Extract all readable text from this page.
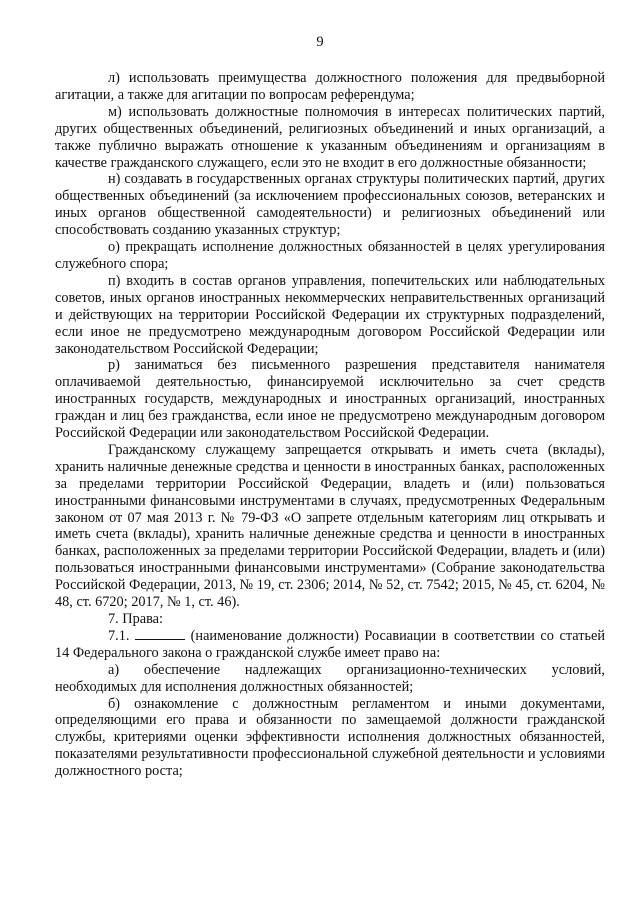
9

л) использовать преимущества должностного положения для предвыборной агитации, а также для агитации по вопросам референдума;

м) использовать должностные полномочия в интересах политических партий, других общественных объединений, религиозных объединений и иных организаций, а также публично выражать отношение к указанным объединениям и организациям в качестве гражданского служащего, если это не входит в его должностные обязанности;

н) создавать в государственных органах структуры политических партий, других общественных объединений (за исключением профессиональных союзов, ветеранских и иных органов общественной самодеятельности) и религиозных объединений или способствовать созданию указанных структур;

о) прекращать исполнение должностных обязанностей в целях урегулирования служебного спора;

п) входить в состав органов управления, попечительских или наблюдательных советов, иных органов иностранных некоммерческих неправительственных организаций и действующих на территории Российской Федерации их структурных подразделений, если иное не предусмотрено международным договором Российской Федерации или законодательством Российской Федерации;

р) заниматься без письменного разрешения представителя нанимателя оплачиваемой деятельностью, финансируемой исключительно за счет средств иностранных государств, международных и иностранных организаций, иностранных граждан и лиц без гражданства, если иное не предусмотрено международным договором Российской Федерации или законодательством Российской Федерации.

Гражданскому служащему запрещается открывать и иметь счета (вклады), хранить наличные денежные средства и ценности в иностранных банках, расположенных за пределами территории Российской Федерации, владеть и (или) пользоваться иностранными финансовыми инструментами в случаях, предусмотренных Федеральным законом от 07 мая 2013 г. № 79-ФЗ «О запрете отдельным категориям лиц открывать и иметь счета (вклады), хранить наличные денежные средства и ценности в иностранных банках, расположенных за пределами территории Российской Федерации, владеть и (или) пользоваться иностранными финансовыми инструментами» (Собрание законодательства Российской Федерации, 2013, № 19, ст. 2306; 2014, № 52, ст. 7542; 2015, № 45, ст. 6204, № 48, ст. 6720; 2017, № 1, ст. 46).

7. Права:

7.1.	(наименование должности) Росавиации в соответствии со статьей 14 Федерального закона о гражданской службе имеет право на:

а) обеспечение надлежащих организационно-технических условий, необходимых для исполнения должностных обязанностей;

б) ознакомление с должностным регламентом и иными документами, определяющими его права и обязанности по замещаемой должности гражданской службы, критериями оценки эффективности исполнения должностных обязанностей, показателями результативности профессиональной служебной деятельности и условиями должностного роста;
